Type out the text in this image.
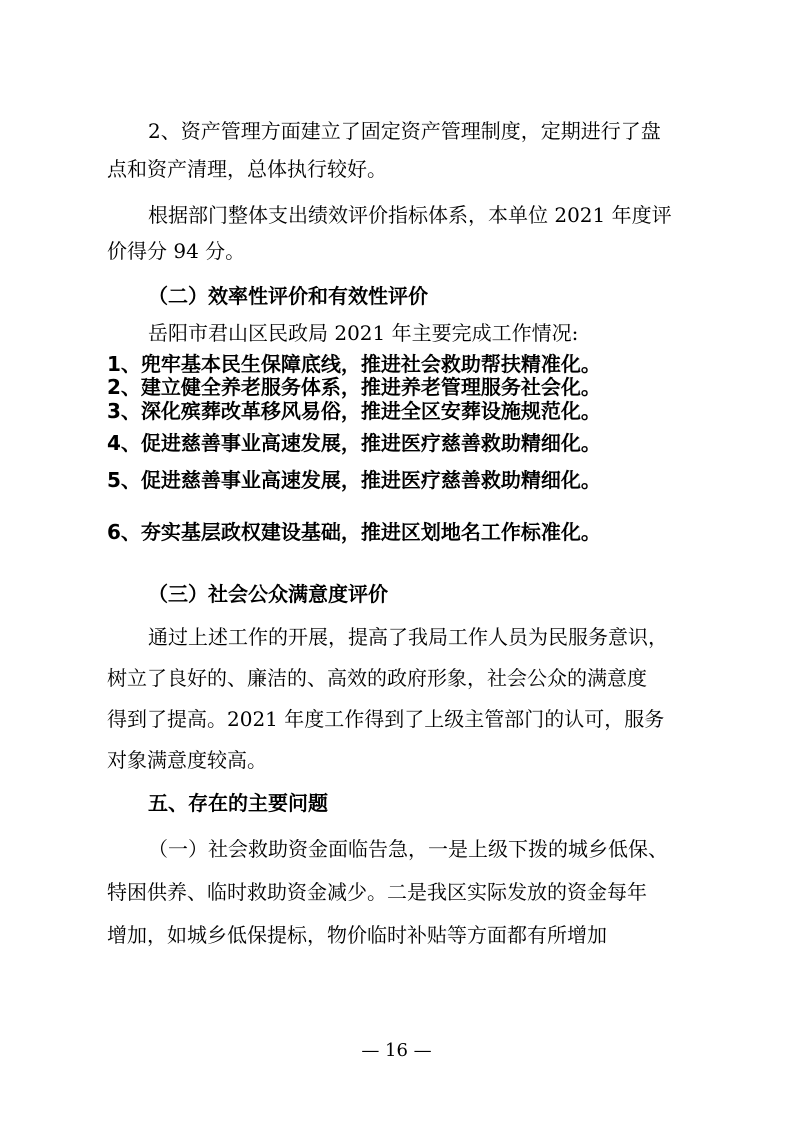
2、资产管理方面建立了固定资产管理制度，定期进行了盘
点和资产清理，总体执行较好。
根据部门整体支出绩效评价指标体系，本单位 2021 年度评
价得分 94 分。
（二）效率性评价和有效性评价
岳阳市君山区民政局 2021 年主要完成工作情况:
1、兜牢基本民生保障底线，推进社会救助帮扶精准化。
2、建立健全养老服务体系，推进养老管理服务社会化。
3、深化殡葬改革移风易俗，推进全区安葬设施规范化。
4、促进慈善事业高速发展，推进医疗慈善救助精细化。
5、促进慈善事业高速发展，推进医疗慈善救助精细化。
6、夯实基层政权建设基础，推进区划地名工作标准化。
（三）社会公众满意度评价
通过上述工作的开展，提高了我局工作人员为民服务意识，
树立了良好的、廉洁的、高效的政府形象，社会公众的满意度
得到了提高。2021 年度工作得到了上级主管部门的认可，服务
对象满意度较高。
五、存在的主要问题
（一）社会救助资金面临告急，一是上级下拨的城乡低保、
特困供养、临时救助资金减少。二是我区实际发放的资金每年
增加，如城乡低保提标，物价临时补贴等方面都有所增加
— 16 —
